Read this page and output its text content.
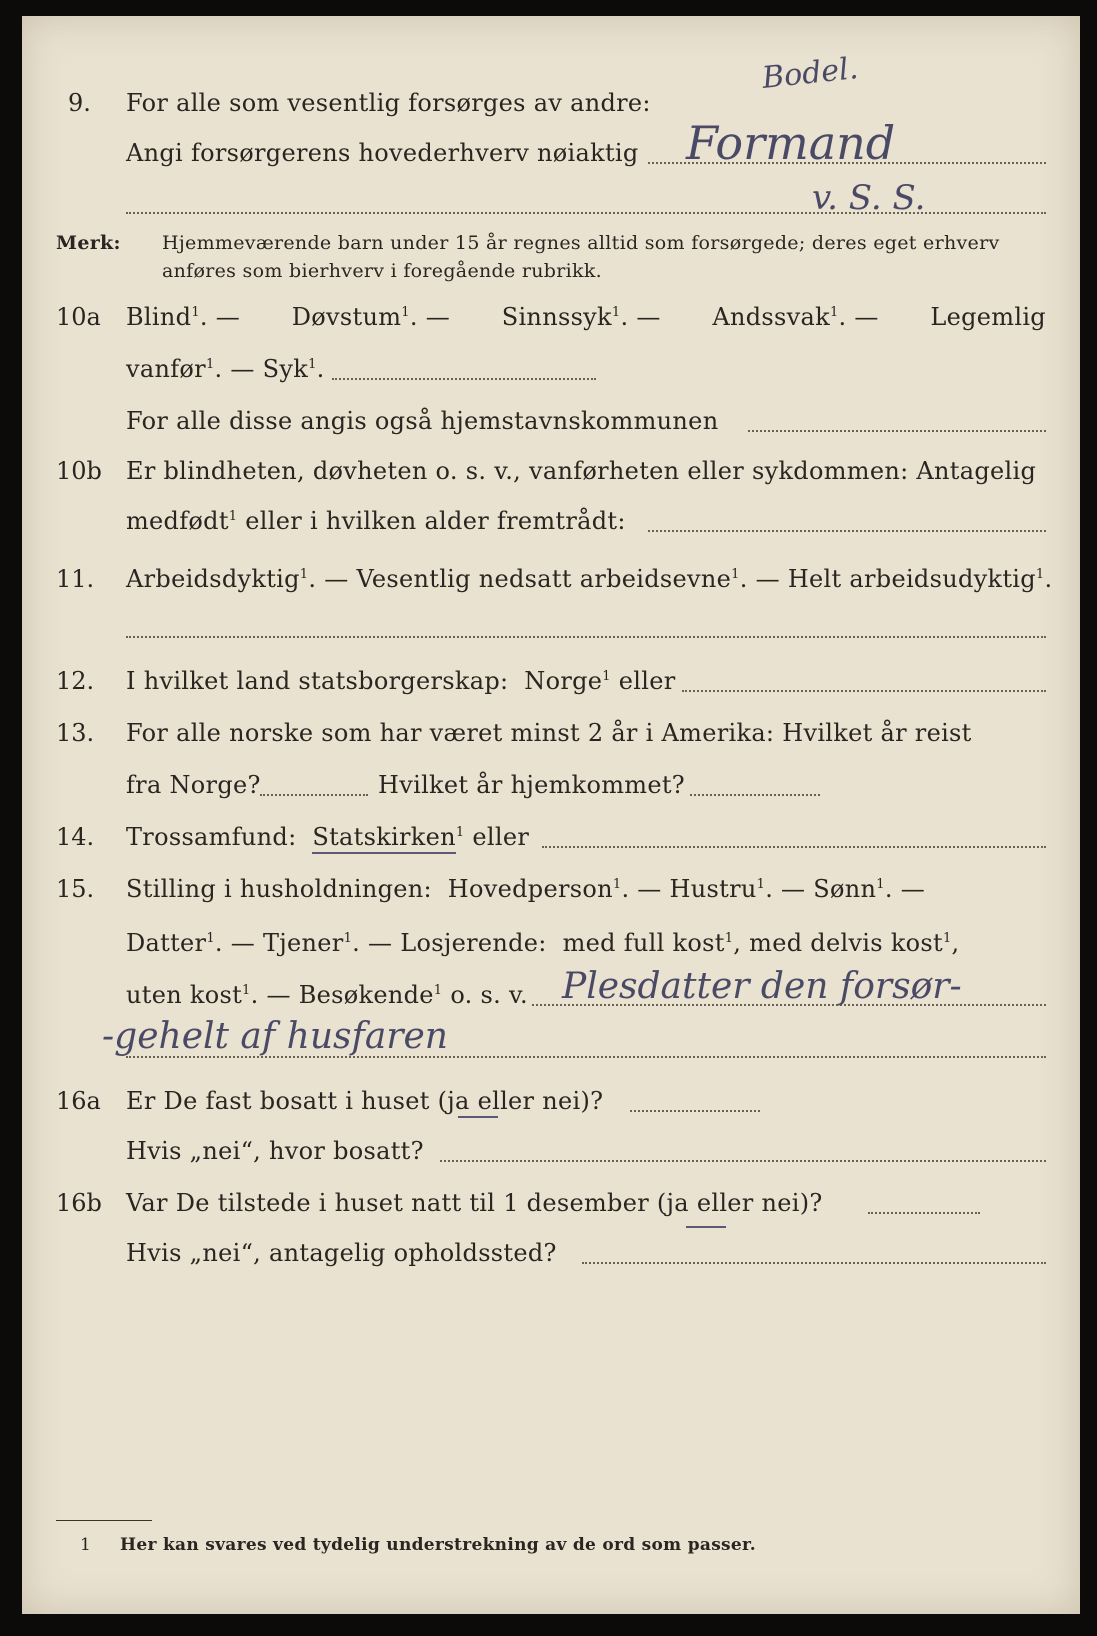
9. For alle som vesentlig forsørges av andre:
Angi forsørgerens hovederhverv nøiaktig
Bodel.
Formand
v. S. S.
Merk: Hjemmeværende barn under 15 år regnes alltid som forsørgede; deres eget erhverv
anføres som bierhverv i foregående rubrikk.
10a Blind$^1$. — Døvstum$^1$. — Sinnssyk$^1$. — Andssvak$^1$. — Legemlig
vanfør$^1$. — Syk$^1$.
For alle disse angis også hjemstavnskommunen
10b Er blindheten, døvheten o. s. v., vanførheten eller sykdommen: Antagelig
medfødt$^1$ eller i hvilken alder fremtrådt:
11. Arbeidsdyktig$^1$. — Vesentlig nedsatt arbeidsevne$^1$. — Helt arbeidsudyktig$^1$.
12. I hvilket land statsborgerskap: Norge$^1$ eller
13. For alle norske som har været minst 2 år i Amerika: Hvilket år reist
fra Norge?	Hvilket år hjemkommet?
14. Trossamfund: Statskirken$^1$ eller
15. Stilling i husholdningen: Hovedperson$^1$. — Hustru$^1$. — Sønn$^1$. —
Datter$^1$. — Tjener$^1$. — Losjerende: med full kost$^1$, med delvis kost$^1$,
uten kost$^1$. — Besøkende$^1$ o. s. v. Plesdatter den forsør-
-gehelt af husfaren
16a Er De fast bosatt i huset (ja eller nei)?
Hvis „nei“, hvor bosatt?
16b Var De tilstede i huset natt til 1 desember (ja eller nei)?
Hvis „nei“, antagelig opholdssted?
1 Her kan svares ved tydelig understrekning av de ord som passer.
